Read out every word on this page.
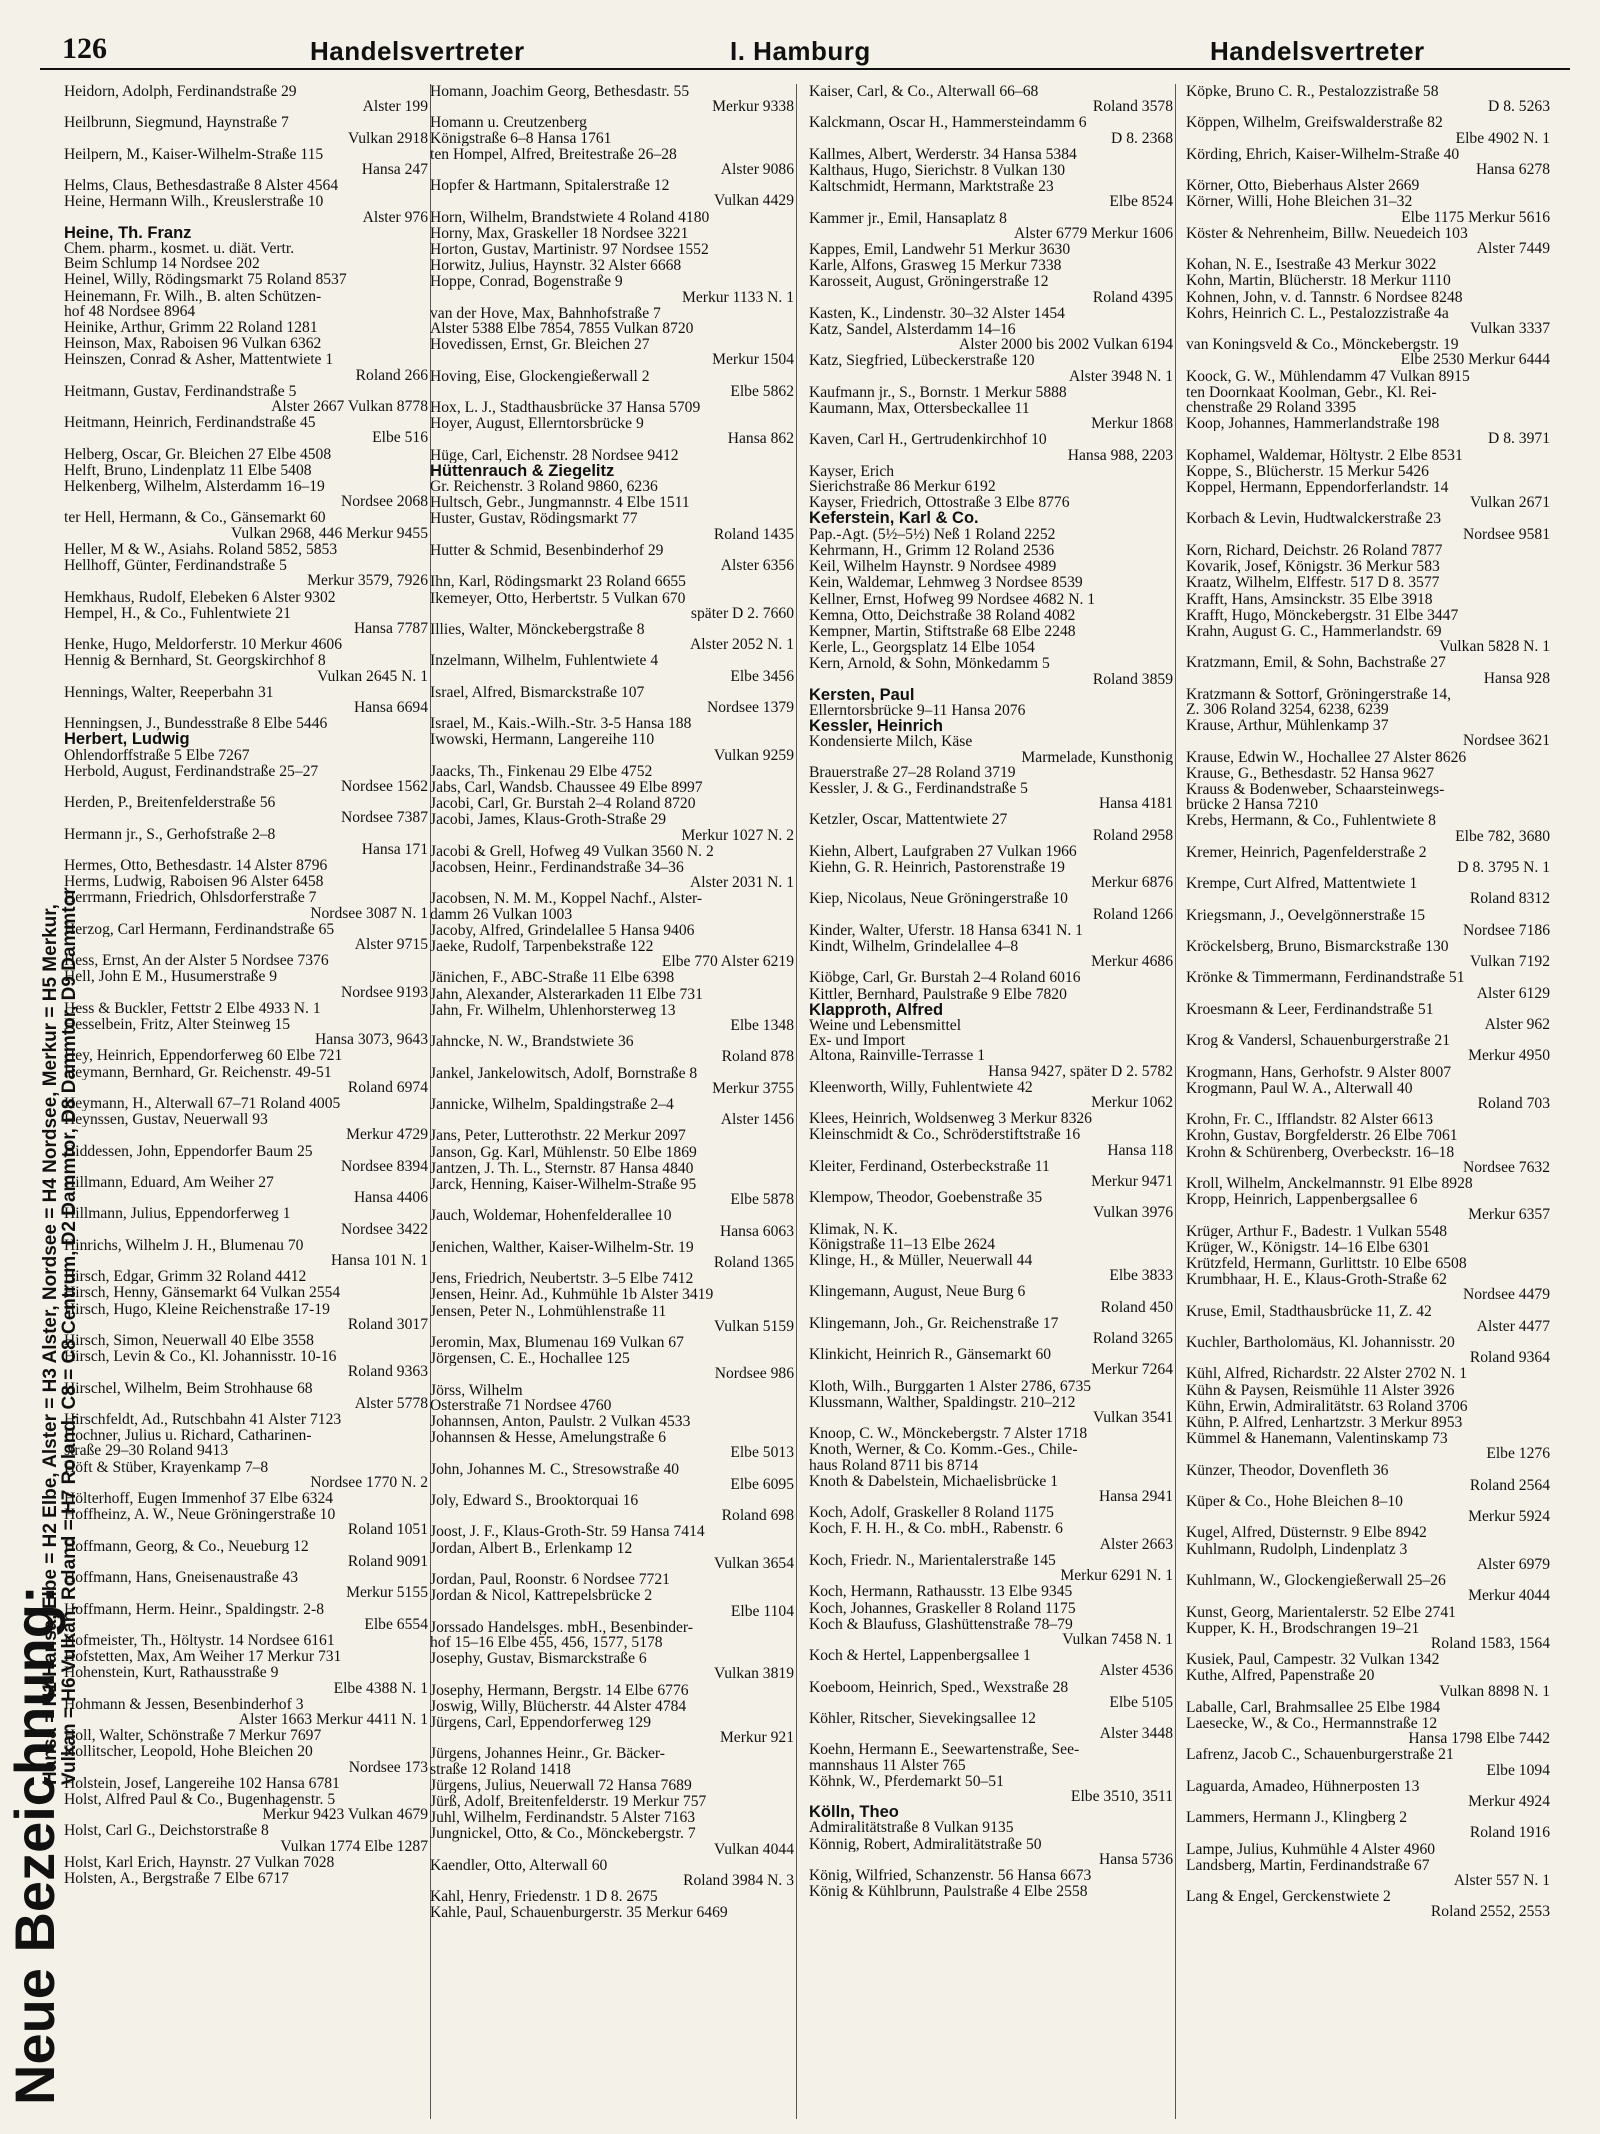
126	Handelsvertreter	I. Hamburg	Handelsvertreter
Neue Bezeichnung:
Hansa = H1 Hansa, Elbe = H2 Elbe, Alster = H3 Alster, Nordsee = H4 Nordsee, Merkur = H5 Merkur,
Vulkan = H6 Vulkan, Roland = H7 Roland, C8 = C8 Centrum, D2 Dammtor, D8 Dammtor, D9 Dammtor
Heidorn, Adolph, Ferdinandstraße 29
Alster 199
Heilbrunn, Siegmund, Haynstraße 7
Vulkan 2918
Heilpern, M., Kaiser-Wilhelm-Straße 115
Hansa 247
Helms, Claus, Bethesdastraße 8 Alster 4564
Heine, Hermann Wilh., Kreuslerstraße 10
Alster 976
Heine, Th. Franz
Chem. pharm., kosmet. u. diät. Vertr.
Beim Schlump 14 Nordsee 202
Heinel, Willy, Rödingsmarkt 75 Roland 8537
Heinemann, Fr. Wilh., B. alten Schützen-
hof 48 Nordsee 8964
Heinike, Arthur, Grimm 22 Roland 1281
Heinson, Max, Raboisen 96 Vulkan 6362
Heinszen, Conrad & Asher, Mattentwiete 1
Roland 266
Heitmann, Gustav, Ferdinandstraße 5
Alster 2667 Vulkan 8778
Heitmann, Heinrich, Ferdinandstraße 45
Elbe 516
Helberg, Oscar, Gr. Bleichen 27 Elbe 4508
Helft, Bruno, Lindenplatz 11 Elbe 5408
Helkenberg, Wilhelm, Alsterdamm 16–19
Nordsee 2068
ter Hell, Hermann, & Co., Gänsemarkt 60
Vulkan 2968, 446 Merkur 9455
Heller, M & W., Asiahs. Roland 5852, 5853
Hellhoff, Günter, Ferdinandstraße 5
Merkur 3579, 7926
Hemkhaus, Rudolf, Elebeken 6 Alster 9302
Hempel, H., & Co., Fuhlentwiete 21
Hansa 7787
Henke, Hugo, Meldorferstr. 10 Merkur 4606
Hennig & Bernhard, St. Georgskirchhof 8
Vulkan 2645 N. 1
Hennings, Walter, Reeperbahn 31
Hansa 6694
Henningsen, J., Bundesstraße 8 Elbe 5446
Herbert, Ludwig
Ohlendorffstraße 5 Elbe 7267
Herbold, August, Ferdinandstraße 25–27
Nordsee 1562
Herden, P., Breitenfelderstraße 56
Nordsee 7387
Hermann jr., S., Gerhofstraße 2–8
Hansa 171
Hermes, Otto, Bethesdastr. 14 Alster 8796
Herms, Ludwig, Raboisen 96 Alster 6458
Herrmann, Friedrich, Ohlsdorferstraße 7
Nordsee 3087 N. 1
Herzog, Carl Hermann, Ferdinandstraße 65
Alster 9715
Hess, Ernst, An der Alster 5 Nordsee 7376
Hell, John E M., Husumerstraße 9
Nordsee 9193
Hess & Buckler, Fettstr 2 Elbe 4933 N. 1
Hesselbein, Fritz, Alter Steinweg 15
Hansa 3073, 9643
Hey, Heinrich, Eppendorferweg 60 Elbe 721
Heymann, Bernhard, Gr. Reichenstr. 49-51
Roland 6974
Heymann, H., Alterwall 67–71 Roland 4005
Heynssen, Gustav, Neuerwall 93
Merkur 4729
Hiddessen, John, Eppendorfer Baum 25
Nordsee 8394
Hillmann, Eduard, Am Weiher 27
Hansa 4406
Hillmann, Julius, Eppendorferweg 1
Nordsee 3422
Hinrichs, Wilhelm J. H., Blumenau 70
Hansa 101 N. 1
Hirsch, Edgar, Grimm 32 Roland 4412
Hirsch, Henny, Gänsemarkt 64 Vulkan 2554
Hirsch, Hugo, Kleine Reichenstraße 17-19
Roland 3017
Hirsch, Simon, Neuerwall 40 Elbe 3558
Hirsch, Levin & Co., Kl. Johannisstr. 10-16
Roland 9363
Hirschel, Wilhelm, Beim Strohhause 68
Alster 5778
Hirschfeldt, Ad., Rutschbahn 41 Alster 7123
Hochner, Julius u. Richard, Catharinen-
straße 29–30 Roland 9413
Höft & Stüber, Krayenkamp 7–8
Nordsee 1770 N. 2
Hölterhoff, Eugen Immenhof 37 Elbe 6324
Hoffheinz, A. W., Neue Gröningerstraße 10
Roland 1051
Hoffmann, Georg, & Co., Neueburg 12
Roland 9091
Hoffmann, Hans, Gneisenaustraße 43
Merkur 5155
Hoffmann, Herm. Heinr., Spaldingstr. 2-8
Elbe 6554
Hofmeister, Th., Höltystr. 14 Nordsee 6161
Hofstetten, Max, Am Weiher 17 Merkur 731
Hohenstein, Kurt, Rathausstraße 9
Elbe 4388 N. 1
Hohmann & Jessen, Besenbinderhof 3
Alster 1663 Merkur 4411 N. 1
Holl, Walter, Schönstraße 7 Merkur 7697
Hollitscher, Leopold, Hohe Bleichen 20
Nordsee 173
Holstein, Josef, Langereihe 102 Hansa 6781
Holst, Alfred Paul & Co., Bugenhagenstr. 5
Merkur 9423 Vulkan 4679
Holst, Carl G., Deichstorstraße 8
Vulkan 1774 Elbe 1287
Holst, Karl Erich, Haynstr. 27 Vulkan 7028
Holsten, A., Bergstraße 7 Elbe 6717
Homann, Joachim Georg, Bethesdastr. 55
Merkur 9338
Homann u. Creutzenberg
Königstraße 6–8 Hansa 1761
ten Hompel, Alfred, Breitestraße 26–28
Alster 9086
Hopfer & Hartmann, Spitalerstraße 12
Vulkan 4429
Horn, Wilhelm, Brandstwiete 4 Roland 4180
Horny, Max, Graskeller 18 Nordsee 3221
Horton, Gustav, Martinistr. 97 Nordsee 1552
Horwitz, Julius, Haynstr. 32 Alster 6668
Hoppe, Conrad, Bogenstraße 9
Merkur 1133 N. 1
van der Hove, Max, Bahnhofstraße 7
Alster 5388 Elbe 7854, 7855 Vulkan 8720
Hovedissen, Ernst, Gr. Bleichen 27
Merkur 1504
Hoving, Eise, Glockengießerwall 2
Elbe 5862
Hox, L. J., Stadthausbrücke 37 Hansa 5709
Hoyer, August, Ellerntorsbrücke 9
Hansa 862
Hüge, Carl, Eichenstr. 28 Nordsee 9412
Hüttenrauch & Ziegelitz
Gr. Reichenstr. 3 Roland 9860, 6236
Hultsch, Gebr., Jungmannstr. 4 Elbe 1511
Huster, Gustav, Rödingsmarkt 77
Roland 1435
Hutter & Schmid, Besenbinderhof 29
Alster 6356
Ihn, Karl, Rödingsmarkt 23 Roland 6655
Ikemeyer, Otto, Herbertstr. 5 Vulkan 670
später D 2. 7660
Illies, Walter, Mönckebergstraße 8
Alster 2052 N. 1
Inzelmann, Wilhelm, Fuhlentwiete 4
Elbe 3456
Israel, Alfred, Bismarckstraße 107
Nordsee 1379
Israel, M., Kais.-Wilh.-Str. 3-5 Hansa 188
Iwowski, Hermann, Langereihe 110
Vulkan 9259
Jaacks, Th., Finkenau 29 Elbe 4752
Jabs, Carl, Wandsb. Chaussee 49 Elbe 8997
Jacobi, Carl, Gr. Burstah 2–4 Roland 8720
Jacobi, James, Klaus-Groth-Straße 29
Merkur 1027 N. 2
Jacobi & Grell, Hofweg 49 Vulkan 3560 N. 2
Jacobsen, Heinr., Ferdinandstraße 34–36
Alster 2031 N. 1
Jacobsen, N. M. M., Koppel Nachf., Alster-
damm 26 Vulkan 1003
Jacoby, Alfred, Grindelallee 5 Hansa 9406
Jaeke, Rudolf, Tarpenbekstraße 122
Elbe 770 Alster 6219
Jänichen, F., ABC-Straße 11 Elbe 6398
Jahn, Alexander, Alsterarkaden 11 Elbe 731
Jahn, Fr. Wilhelm, Uhlenhorsterweg 13
Elbe 1348
Jahncke, N. W., Brandstwiete 36
Roland 878
Jankel, Jankelowitsch, Adolf, Bornstraße 8
Merkur 3755
Jannicke, Wilhelm, Spaldingstraße 2–4
Alster 1456
Jans, Peter, Lutterothstr. 22 Merkur 2097
Janson, Gg. Karl, Mühlenstr. 50 Elbe 1869
Jantzen, J. Th. L., Sternstr. 87 Hansa 4840
Jarck, Henning, Kaiser-Wilhelm-Straße 95
Elbe 5878
Jauch, Woldemar, Hohenfelderallee 10
Hansa 6063
Jenichen, Walther, Kaiser-Wilhelm-Str. 19
Roland 1365
Jens, Friedrich, Neubertstr. 3–5 Elbe 7412
Jensen, Heinr. Ad., Kuhmühle 1b Alster 3419
Jensen, Peter N., Lohmühlenstraße 11
Vulkan 5159
Jeromin, Max, Blumenau 169 Vulkan 67
Jörgensen, C. E., Hochallee 125
Nordsee 986
Jörss, Wilhelm
Osterstraße 71 Nordsee 4760
Johannsen, Anton, Paulstr. 2 Vulkan 4533
Johannsen & Hesse, Amelungstraße 6
Elbe 5013
John, Johannes M. C., Stresowstraße 40
Elbe 6095
Joly, Edward S., Brooktorquai 16
Roland 698
Joost, J. F., Klaus-Groth-Str. 59 Hansa 7414
Jordan, Albert B., Erlenkamp 12
Vulkan 3654
Jordan, Paul, Roonstr. 6 Nordsee 7721
Jordan & Nicol, Kattrepelsbrücke 2
Elbe 1104
Jorssado Handelsges. mbH., Besenbinder-
hof 15–16 Elbe 455, 456, 1577, 5178
Josephy, Gustav, Bismarckstraße 6
Vulkan 3819
Josephy, Hermann, Bergstr. 14 Elbe 6776
Joswig, Willy, Blücherstr. 44 Alster 4784
Jürgens, Carl, Eppendorferweg 129
Merkur 921
Jürgens, Johannes Heinr., Gr. Bäcker-
straße 12 Roland 1418
Jürgens, Julius, Neuerwall 72 Hansa 7689
Jürß, Adolf, Breitenfelderstr. 19 Merkur 757
Juhl, Wilhelm, Ferdinandstr. 5 Alster 7163
Jungnickel, Otto, & Co., Mönckebergstr. 7
Vulkan 4044
Kaendler, Otto, Alterwall 60
Roland 3984 N. 3
Kahl, Henry, Friedenstr. 1 D 8. 2675
Kahle, Paul, Schauenburgerstr. 35 Merkur 6469
Kaiser, Carl, & Co., Alterwall 66–68
Roland 3578
Kalckmann, Oscar H., Hammersteindamm 6
D 8. 2368
Kallmes, Albert, Werderstr. 34 Hansa 5384
Kalthaus, Hugo, Sierichstr. 8 Vulkan 130
Kaltschmidt, Hermann, Marktstraße 23
Elbe 8524
Kammer jr., Emil, Hansaplatz 8
Alster 6779 Merkur 1606
Kappes, Emil, Landwehr 51 Merkur 3630
Karle, Alfons, Grasweg 15 Merkur 7338
Karosseit, August, Gröningerstraße 12
Roland 4395
Kasten, K., Lindenstr. 30–32 Alster 1454
Katz, Sandel, Alsterdamm 14–16
Alster 2000 bis 2002 Vulkan 6194
Katz, Siegfried, Lübeckerstraße 120
Alster 3948 N. 1
Kaufmann jr., S., Bornstr. 1 Merkur 5888
Kaumann, Max, Ottersbeckallee 11
Merkur 1868
Kaven, Carl H., Gertrudenkirchhof 10
Hansa 988, 2203
Kayser, Erich
Sierichstraße 86 Merkur 6192
Kayser, Friedrich, Ottostraße 3 Elbe 8776
Keferstein, Karl & Co.
Pap.-Agt. (5½–5½) Neß 1 Roland 2252
Kehrmann, H., Grimm 12 Roland 2536
Keil, Wilhelm Haynstr. 9 Nordsee 4989
Kein, Waldemar, Lehmweg 3 Nordsee 8539
Kellner, Ernst, Hofweg 99 Nordsee 4682 N. 1
Kemna, Otto, Deichstraße 38 Roland 4082
Kempner, Martin, Stiftstraße 68 Elbe 2248
Kerle, L., Georgsplatz 14 Elbe 1054
Kern, Arnold, & Sohn, Mönkedamm 5
Roland 3859
Kersten, Paul
Ellerntorsbrücke 9–11 Hansa 2076
Kessler, Heinrich
Kondensierte Milch, Käse
Marmelade, Kunsthonig
Brauerstraße 27–28 Roland 3719
Kessler, J. & G., Ferdinandstraße 5
Hansa 4181
Ketzler, Oscar, Mattentwiete 27
Roland 2958
Kiehn, Albert, Laufgraben 27 Vulkan 1966
Kiehn, G. R. Heinrich, Pastorenstraße 19
Merkur 6876
Kiep, Nicolaus, Neue Gröningerstraße 10
Roland 1266
Kinder, Walter, Uferstr. 18 Hansa 6341 N. 1
Kindt, Wilhelm, Grindelallee 4–8
Merkur 4686
Kiöbge, Carl, Gr. Burstah 2–4 Roland 6016
Kittler, Bernhard, Paulstraße 9 Elbe 7820
Klapproth, Alfred
Weine und Lebensmittel
Ex- und Import
Altona, Rainville-Terrasse 1
Hansa 9427, später D 2. 5782
Kleenworth, Willy, Fuhlentwiete 42
Merkur 1062
Klees, Heinrich, Woldsenweg 3 Merkur 8326
Kleinschmidt & Co., Schröderstiftstraße 16
Hansa 118
Kleiter, Ferdinand, Osterbeckstraße 11
Merkur 9471
Klempow, Theodor, Goebenstraße 35
Vulkan 3976
Klimak, N. K.
Königstraße 11–13 Elbe 2624
Klinge, H., & Müller, Neuerwall 44
Elbe 3833
Klingemann, August, Neue Burg 6
Roland 450
Klingemann, Joh., Gr. Reichenstraße 17
Roland 3265
Klinkicht, Heinrich R., Gänsemarkt 60
Merkur 7264
Kloth, Wilh., Burggarten 1 Alster 2786, 6735
Klussmann, Walther, Spaldingstr. 210–212
Vulkan 3541
Knoop, C. W., Mönckebergstr. 7 Alster 1718
Knoth, Werner, & Co. Komm.-Ges., Chile-
haus Roland 8711 bis 8714
Knoth & Dabelstein, Michaelisbrücke 1
Hansa 2941
Koch, Adolf, Graskeller 8 Roland 1175
Koch, F. H. H., & Co. mbH., Rabenstr. 6
Alster 2663
Koch, Friedr. N., Marientalerstraße 145
Merkur 6291 N. 1
Koch, Hermann, Rathausstr. 13 Elbe 9345
Koch, Johannes, Graskeller 8 Roland 1175
Koch & Blaufuss, Glashüttenstraße 78–79
Vulkan 7458 N. 1
Koch & Hertel, Lappenbergsallee 1
Alster 4536
Koeboom, Heinrich, Sped., Wexstraße 28
Elbe 5105
Köhler, Ritscher, Sievekingsallee 12
Alster 3448
Koehn, Hermann E., Seewartenstraße, See-
mannshaus 11 Alster 765
Köhnk, W., Pferdemarkt 50–51
Elbe 3510, 3511
Kölln, Theo
Admiralitätstraße 8 Vulkan 9135
Könnig, Robert, Admiralitätstraße 50
Hansa 5736
König, Wilfried, Schanzenstr. 56 Hansa 6673
König & Kühlbrunn, Paulstraße 4 Elbe 2558
Köpke, Bruno C. R., Pestalozzistraße 58
D 8. 5263
Köppen, Wilhelm, Greifswalderstraße 82
Elbe 4902 N. 1
Körding, Ehrich, Kaiser-Wilhelm-Straße 40
Hansa 6278
Körner, Otto, Bieberhaus Alster 2669
Körner, Willi, Hohe Bleichen 31–32
Elbe 1175 Merkur 5616
Köster & Nehrenheim, Billw. Neuedeich 103
Alster 7449
Kohan, N. E., Isestraße 43 Merkur 3022
Kohn, Martin, Blücherstr. 18 Merkur 1110
Kohnen, John, v. d. Tannstr. 6 Nordsee 8248
Kohrs, Heinrich C. L., Pestalozzistraße 4a
Vulkan 3337
van Koningsveld & Co., Mönckebergstr. 19
Elbe 2530 Merkur 6444
Koock, G. W., Mühlendamm 47 Vulkan 8915
ten Doornkaat Koolman, Gebr., Kl. Rei-
chenstraße 29 Roland 3395
Koop, Johannes, Hammerlandstraße 198
D 8. 3971
Kophamel, Waldemar, Höltystr. 2 Elbe 8531
Koppe, S., Blücherstr. 15 Merkur 5426
Koppel, Hermann, Eppendorferlandstr. 14
Vulkan 2671
Korbach & Levin, Hudtwalckerstraße 23
Nordsee 9581
Korn, Richard, Deichstr. 26 Roland 7877
Kovarik, Josef, Königstr. 36 Merkur 583
Kraatz, Wilhelm, Elffestr. 517 D 8. 3577
Krafft, Hans, Amsinckstr. 35 Elbe 3918
Krafft, Hugo, Mönckebergstr. 31 Elbe 3447
Krahn, August G. C., Hammerlandstr. 69
Vulkan 5828 N. 1
Kratzmann, Emil, & Sohn, Bachstraße 27
Hansa 928
Kratzmann & Sottorf, Gröningerstraße 14,
Z. 306 Roland 3254, 6238, 6239
Krause, Arthur, Mühlenkamp 37
Nordsee 3621
Krause, Edwin W., Hochallee 27 Alster 8626
Krause, G., Bethesdastr. 52 Hansa 9627
Krauss & Bodenweber, Schaarsteinwegs-
brücke 2 Hansa 7210
Krebs, Hermann, & Co., Fuhlentwiete 8
Elbe 782, 3680
Kremer, Heinrich, Pagenfelderstraße 2
D 8. 3795 N. 1
Krempe, Curt Alfred, Mattentwiete 1
Roland 8312
Kriegsmann, J., Oevelgönnerstraße 15
Nordsee 7186
Kröckelsberg, Bruno, Bismarckstraße 130
Vulkan 7192
Krönke & Timmermann, Ferdinandstraße 51
Alster 6129
Kroesmann & Leer, Ferdinandstraße 51
Alster 962
Krog & Vandersl, Schauenburgerstraße 21
Merkur 4950
Krogmann, Hans, Gerhofstr. 9 Alster 8007
Krogmann, Paul W. A., Alterwall 40
Roland 703
Krohn, Fr. C., Ifflandstr. 82 Alster 6613
Krohn, Gustav, Borgfelderstr. 26 Elbe 7061
Krohn & Schürenberg, Overbeckstr. 16–18
Nordsee 7632
Kroll, Wilhelm, Anckelmannstr. 91 Elbe 8928
Kropp, Heinrich, Lappenbergsallee 6
Merkur 6357
Krüger, Arthur F., Badestr. 1 Vulkan 5548
Krüger, W., Königstr. 14–16 Elbe 6301
Krützfeld, Hermann, Gurlittstr. 10 Elbe 6508
Krumbhaar, H. E., Klaus-Groth-Straße 62
Nordsee 4479
Kruse, Emil, Stadthausbrücke 11, Z. 42
Alster 4477
Kuchler, Bartholomäus, Kl. Johannisstr. 20
Roland 9364
Kühl, Alfred, Richardstr. 22 Alster 2702 N. 1
Kühn & Paysen, Reismühle 11 Alster 3926
Kühn, Erwin, Admiralitätstr. 63 Roland 3706
Kühn, P. Alfred, Lenhartzstr. 3 Merkur 8953
Kümmel & Hanemann, Valentinskamp 73
Elbe 1276
Künzer, Theodor, Dovenfleth 36
Roland 2564
Küper & Co., Hohe Bleichen 8–10
Merkur 5924
Kugel, Alfred, Düsternstr. 9 Elbe 8942
Kuhlmann, Rudolph, Lindenplatz 3
Alster 6979
Kuhlmann, W., Glockengießerwall 25–26
Merkur 4044
Kunst, Georg, Marientalerstr. 52 Elbe 2741
Kupper, K. H., Brodschrangen 19–21
Roland 1583, 1564
Kusiek, Paul, Campestr. 32 Vulkan 1342
Kuthe, Alfred, Papenstraße 20
Vulkan 8898 N. 1
Laballe, Carl, Brahmsallee 25 Elbe 1984
Laesecke, W., & Co., Hermannstraße 12
Hansa 1798 Elbe 7442
Lafrenz, Jacob C., Schauenburgerstraße 21
Elbe 1094
Laguarda, Amadeo, Hühnerposten 13
Merkur 4924
Lammers, Hermann J., Klingberg 2
Roland 1916
Lampe, Julius, Kuhmühle 4 Alster 4960
Landsberg, Martin, Ferdinandstraße 67
Alster 557 N. 1
Lang & Engel, Gerckenstwiete 2
Roland 2552, 2553
